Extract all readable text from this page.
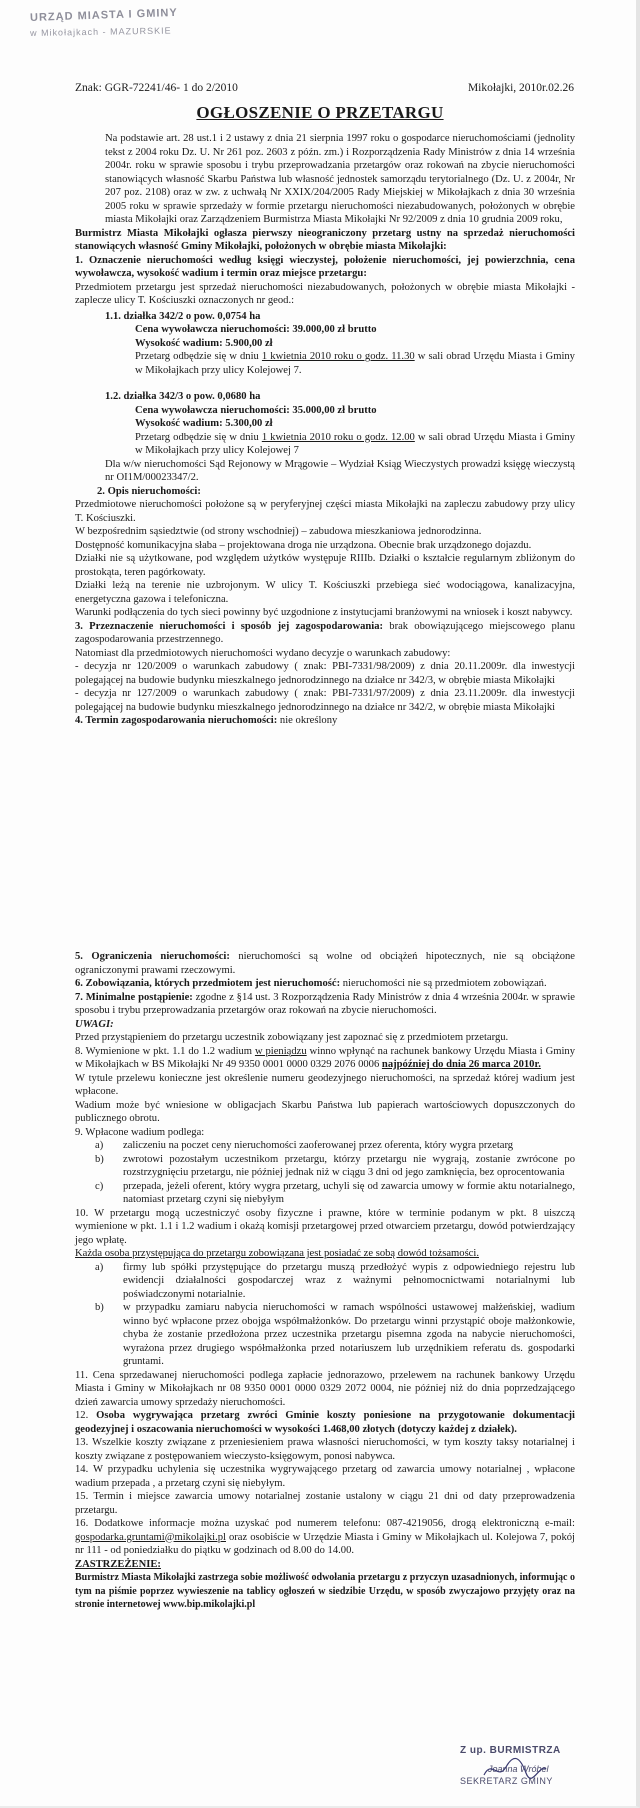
URZĄD MIASTA I GMINY
w Mikołajkach - MAZURSKIE
Znak: GGR-72241/46- 1 do 2/2010	Mikołajki, 2010r.02.26
OGŁOSZENIE O PRZETARGU

Na podstawie art. 28 ust.1 i 2 ustawy z dnia 21 sierpnia 1997 roku o gospodarce nieruchomościami (jednolity tekst z 2004 roku Dz. U. Nr 261 poz. 2603 z późn. zm.) i Rozporządzenia Rady Ministrów z dnia 14 września 2004r. roku w sprawie sposobu i trybu przeprowadzania przetargów oraz rokowań na zbycie nieruchomości stanowiących własność Skarbu Państwa lub własność jednostek samorządu terytorialnego (Dz. U. z 2004r, Nr 207 poz. 2108) oraz w zw. z uchwałą Nr XXIX/204/2005 Rady Miejskiej w Mikołajkach z dnia 30 września 2005 roku w sprawie sprzedaży w formie przetargu nieruchomości niezabudowanych, położonych w obrębie miasta Mikołajki oraz Zarządzeniem Burmistrza Miasta Mikołajki Nr 92/2009 z dnia 10 grudnia 2009 roku,

Burmistrz Miasta Mikołajki ogłasza pierwszy nieograniczony przetarg ustny na sprzedaż nieruchomości stanowiących własność Gminy Mikołajki, położonych w obrębie miasta Mikołajki:

1. Oznaczenie nieruchomości według księgi wieczystej, położenie nieruchomości, jej powierzchnia, cena wywoławcza, wysokość wadium i termin oraz miejsce przetargu:

Przedmiotem przetargu jest sprzedaż nieruchomości niezabudowanych, położonych w obrębie miasta Mikołajki - zaplecze ulicy T. Kościuszki oznaczonych nr geod.:

1.1. działka 342/2 o pow. 0,0754 ha

Cena wywoławcza nieruchomości: 39.000,00 zł brutto

Wysokość wadium: 5.900,00 zł

Przetarg odbędzie się w dniu 1 kwietnia 2010 roku o godz. 11.30 w sali obrad Urzędu Miasta i Gminy w Mikołajkach przy ulicy Kolejowej 7.

1.2. działka 342/3 o pow. 0,0680 ha

Cena wywoławcza nieruchomości: 35.000,00 zł brutto

Wysokość wadium: 5.300,00 zł

Przetarg odbędzie się w dniu 1 kwietnia 2010 roku o godz. 12.00 w sali obrad Urzędu Miasta i Gminy w Mikołajkach przy ulicy Kolejowej 7

Dla w/w nieruchomości Sąd Rejonowy w Mrągowie – Wydział Ksiąg Wieczystych prowadzi księgę wieczystą nr OI1M/00023347/2.

2. Opis nieruchomości:

Przedmiotowe nieruchomości położone są w peryferyjnej części miasta Mikołajki na zapleczu zabudowy przy ulicy T. Kościuszki.
W bezpośrednim sąsiedztwie (od strony wschodniej) – zabudowa mieszkaniowa jednorodzinna.
Dostępność komunikacyjna słaba – projektowana droga nie urządzona. Obecnie brak urządzonego dojazdu.
Działki nie są użytkowane, pod względem użytków występuje RIIIb. Działki o kształcie regularnym zbliżonym do prostokąta, teren pagórkowaty.
Działki leżą na terenie nie uzbrojonym. W ulicy T. Kościuszki przebiega sieć wodociągowa, kanalizacyjna, energetyczna gazowa i telefoniczna.
Warunki podłączenia do tych sieci powinny być uzgodnione z instytucjami branżowymi na wniosek i koszt nabywcy.

3. Przeznaczenie nieruchomości i sposób jej zagospodarowania: brak obowiązującego miejscowego planu zagospodarowania przestrzennego.

Natomiast dla przedmiotowych nieruchomości wydano decyzje o warunkach zabudowy:
- decyzja nr 120/2009 o warunkach zabudowy ( znak: PBI-7331/98/2009) z dnia 20.11.2009r. dla inwestycji polegającej na budowie budynku mieszkalnego jednorodzinnego na działce nr 342/3, w obrębie miasta Mikołajki
- decyzja nr 127/2009 o warunkach zabudowy ( znak: PBI-7331/97/2009) z dnia 23.11.2009r. dla inwestycji polegającej na budowie budynku mieszkalnego jednorodzinnego na działce nr 342/2, w obrębie miasta Mikołajki

4. Termin zagospodarowania nieruchomości: nie określony

5. Ograniczenia nieruchomości: nieruchomości są wolne od obciążeń hipotecznych, nie są obciążone ograniczonymi prawami rzeczowymi.

6. Zobowiązania, których przedmiotem jest nieruchomość: nieruchomości nie są przedmiotem zobowiązań.

7. Minimalne postąpienie: zgodne z §14 ust. 3 Rozporządzenia Rady Ministrów z dnia 4 września 2004r. w sprawie sposobu i trybu przeprowadzania przetargów oraz rokowań na zbycie nieruchomości.

UWAGI:

Przed przystąpieniem do przetargu uczestnik zobowiązany jest zapoznać się z przedmiotem przetargu.

8. Wymienione w pkt. 1.1 do 1.2 wadium w pieniądzu winno wpłynąć na rachunek bankowy Urzędu Miasta i Gminy w Mikołajkach w BS Mikołajki Nr 49 9350 0001 0000 0329 2076 0006 najpóźniej do dnia 26 marca 2010r.

W tytule przelewu konieczne jest określenie numeru geodezyjnego nieruchomości, na sprzedaż której wadium jest wpłacone.
Wadium może być wniesione w obligacjach Skarbu Państwa lub papierach wartościowych dopuszczonych do publicznego obrotu.

9. Wpłacone wadium podlega:

a)	zaliczeniu na poczet ceny nieruchomości zaoferowanej przez oferenta, który wygra przetarg
b)	zwrotowi pozostałym uczestnikom przetargu, którzy przetargu nie wygrają, zostanie zwrócone po rozstrzygnięciu przetargu, nie później jednak niż w ciągu 3 dni od jego zamknięcia, bez oprocentowania
c)	przepada, jeżeli oferent, który wygra przetarg, uchyli się od zawarcia umowy w formie aktu notarialnego, natomiast przetarg czyni się niebyłym

10. W przetargu mogą uczestniczyć osoby fizyczne i prawne, które w terminie podanym w pkt. 8 uiszczą wymienione w pkt. 1.1 i 1.2 wadium i okażą komisji przetargowej przed otwarciem przetargu, dowód potwierdzający jego wpłatę.

Każda osoba przystępująca do przetargu zobowiązana jest posiadać ze sobą dowód tożsamości.

a)	firmy lub spółki przystępujące do przetargu muszą przedłożyć wypis z odpowiedniego rejestru lub ewidencji działalności gospodarczej wraz z ważnymi pełnomocnictwami notarialnymi lub poświadczonymi notarialnie.
b)	w przypadku zamiaru nabycia nieruchomości w ramach wspólności ustawowej małżeńskiej, wadium winno być wpłacone przez obojga współmałżonków. Do przetargu winni przystąpić oboje małżonkowie, chyba że zostanie przedłożona przez uczestnika przetargu pisemna zgoda na nabycie nieruchomości, wyrażona przez drugiego współmałżonka przed notariuszem lub urzędnikiem referatu ds. gospodarki gruntami.

11. Cena sprzedawanej nieruchomości podlega zapłacie jednorazowo, przelewem na rachunek bankowy Urzędu Miasta i Gminy w Mikołajkach nr 08 9350 0001 0000 0329 2072 0004, nie później niż do dnia poprzedzającego dzień zawarcia umowy sprzedaży nieruchomości.

12. Osoba wygrywająca przetarg zwróci Gminie koszty poniesione na przygotowanie dokumentacji geodezyjnej i oszacowania nieruchomości w wysokości 1.468,00 złotych (dotyczy każdej z działek).

13. Wszelkie koszty związane z przeniesieniem prawa własności nieruchomości, w tym koszty taksy notarialnej i koszty związane z postępowaniem wieczysto-księgowym, ponosi nabywca.

14. W przypadku uchylenia się uczestnika wygrywającego przetarg od zawarcia umowy notarialnej , wpłacone wadium przepada , a przetarg czyni się niebyłym.

15. Termin i miejsce zawarcia umowy notarialnej zostanie ustalony w ciągu 21 dni od daty przeprowadzenia przetargu.

16. Dodatkowe informacje można uzyskać pod numerem telefonu: 087-4219056, drogą elektroniczną e-mail: gospodarka.gruntami@mikolajki.pl oraz osobiście w Urzędzie Miasta i Gminy w Mikołajkach ul. Kolejowa 7, pokój nr 111 - od poniedziałku do piątku w godzinach od 8.00 do 14.00.

ZASTRZEŻENIE:

Burmistrz Miasta Mikołajki zastrzega sobie możliwość odwołania przetargu z przyczyn uzasadnionych, informując o tym na piśmie poprzez wywieszenie na tablicy ogłoszeń w siedzibie Urzędu, w sposób zwyczajowo przyjęty oraz na stronie internetowej www.bip.mikolajki.pl

Z up. BURMISTRZA
Joanna Wróbel
SEKRETARZ GMINY
